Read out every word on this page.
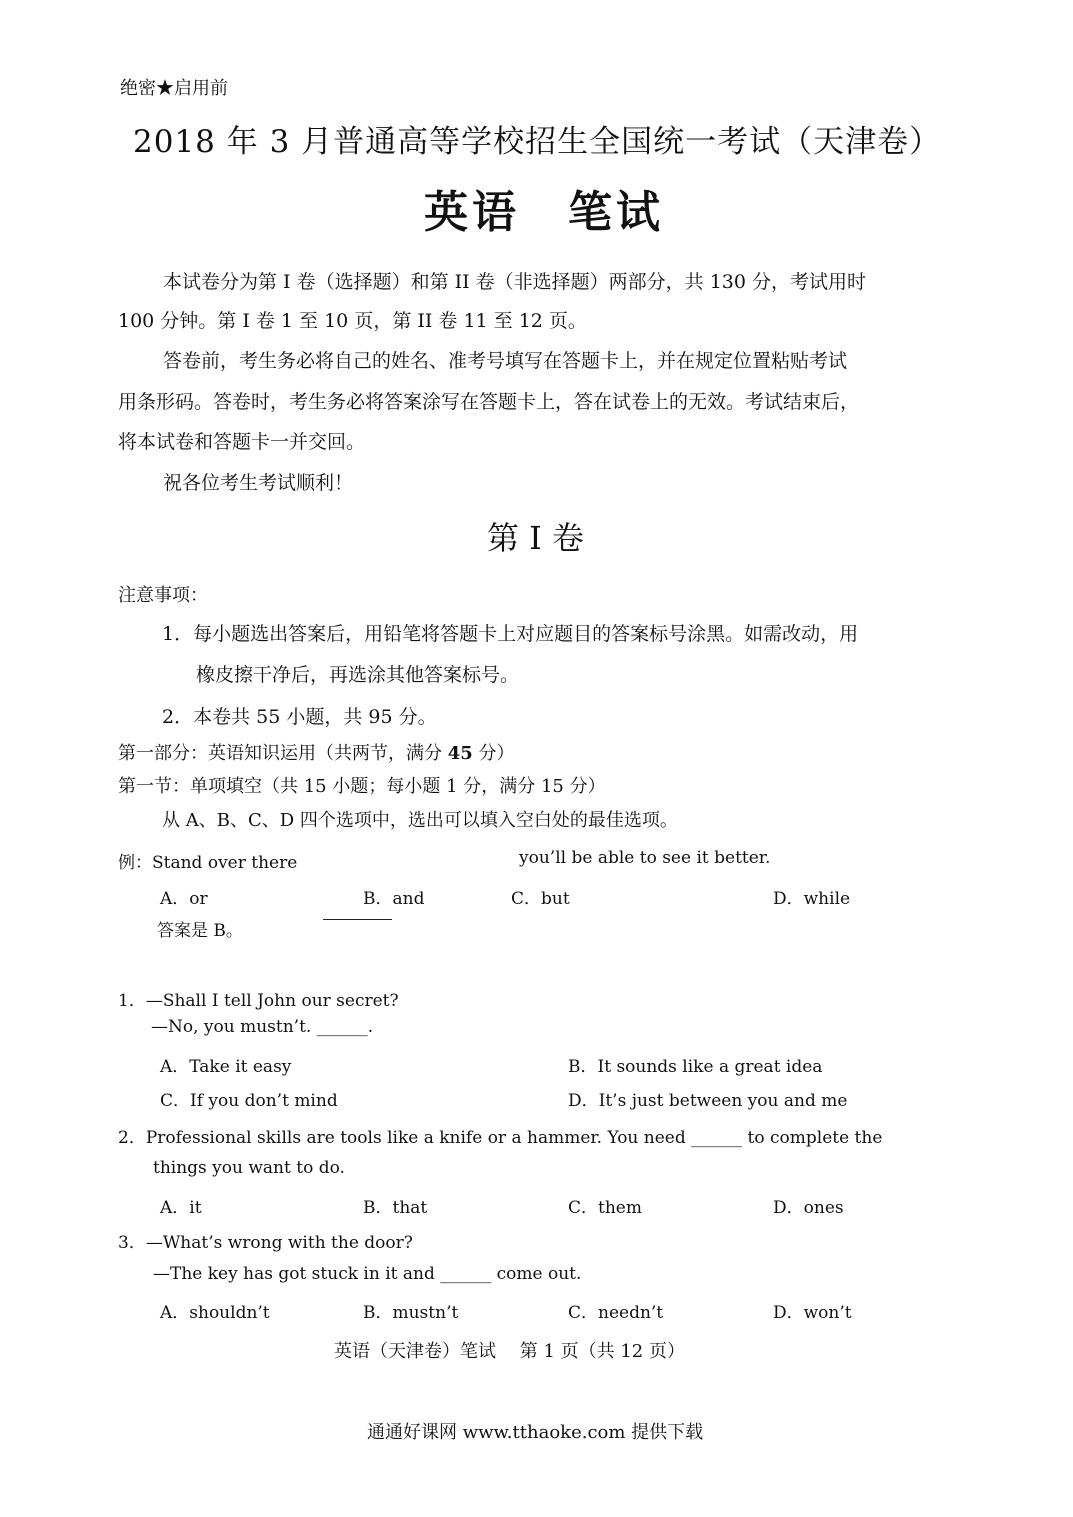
绝密★启用前
2018 年 3 月普通高等学校招生全国统一考试（天津卷）
英语　笔试
本试卷分为第 I 卷（选择题）和第 II 卷（非选择题）两部分，共 130 分，考试用时
100 分钟。第 I 卷 1 至 10 页，第 II 卷 11 至 12 页。
答卷前，考生务必将自己的姓名、准考号填写在答题卡上，并在规定位置粘贴考试
用条形码。答卷时，考生务必将答案涂写在答题卡上，答在试卷上的无效。考试结束后，
将本试卷和答题卡一并交回。
祝各位考生考试顺利！
第 I 卷
注意事项：
1．每小题选出答案后，用铅笔将答题卡上对应题目的答案标号涂黑。如需改动，用
橡皮擦干净后，再选涂其他答案标号。
2．本卷共 55 小题，共 95 分。
第一部分：英语知识运用（共两节，满分 45 分）
第一节：单项填空（共 15 小题；每小题 1 分，满分 15 分）
从 A、B、C、D 四个选项中，选出可以填入空白处的最佳选项。
例：Stand over there	you’ll be able to see it better.
A．or	B．and	C．but	D．while
答案是 B。
1．—Shall I tell John our secret?
—No, you mustn’t. ______.
A．Take it easy	B．It sounds like a great idea
C．If you don’t mind	D．It’s just between you and me
2．Professional skills are tools like a knife or a hammer. You need ______ to complete the
things you want to do.
A．it	B．that	C．them	D．ones
3．—What’s wrong with the door?
—The key has got stuck in it and ______ come out.
A．shouldn’t	B．mustn’t	C．needn’t	D．won’t
英语（天津卷）笔试　 第 1 页（共 12 页）
通通好课网 www.tthaoke.com 提供下载
